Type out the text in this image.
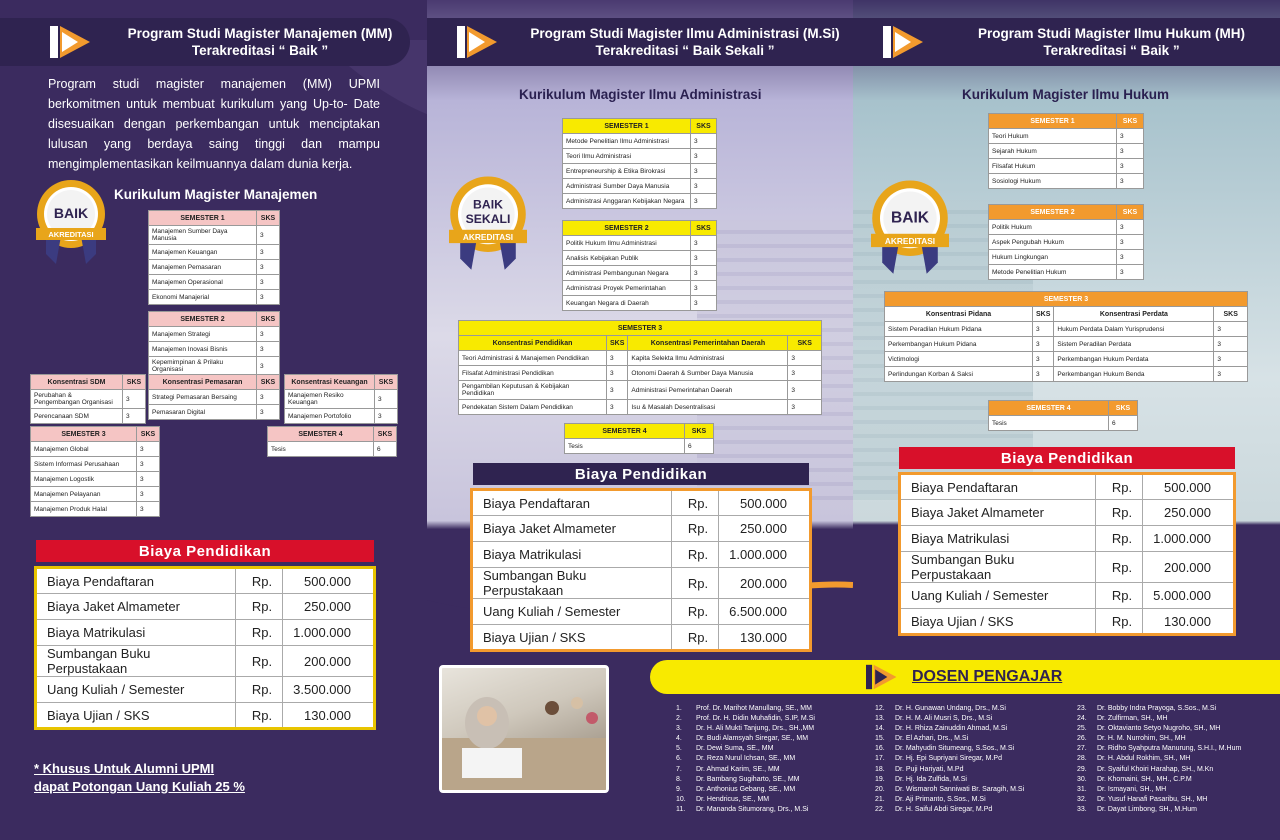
Program Studi Magister Manajemen (MM)
Terakreditasi “ Baik ”

Program studi magister manajemen (MM) UPMI berkomitmen untuk membuat kurikulum yang Up-to- Date disesuaikan dengan perkembangan untuk menciptakan lulusan yang berdaya saing tinggi dan mampu mengimplementasikan keilmuannya dalam dunia kerja.

BAIK
AKREDITASI
Kurikulum Magister Manajemen
SEMESTER 1	SKS
Manajemen Sumber Daya Manusia	3
Manajemen Keuangan	3
Manajemen Pemasaran	3
Manajemen Operasional	3
Ekonomi Manajerial	3
SEMESTER 2	SKS
Manajemen Strategi	3
Manajemen Inovasi Bisnis	3
Kepemimpinan & Prilaku Organisasi	3
Konsentrasi SDM	SKS
Perubahan & Pengembangan Organisasi	3
Perencanaan SDM	3
Konsentrasi Pemasaran	SKS
Strategi Pemasaran Bersaing	3
Pemasaran Digital	3
Konsentrasi Keuangan	SKS
Manajemen Resiko Keuangan	3
Manajemen Portofolio	3
SEMESTER 3	SKS
Manajemen Global	3
Sistem Informasi Perusahaan	3
Manajemen Logostik	3
Manajemen Pelayanan	3
Manajemen Produk Halal	3
SEMESTER 4	SKS
Tesis	6
Biaya Pendidikan
Biaya Pendaftaran	Rp.	500.000
Biaya Jaket Almameter	Rp.	250.000
Biaya Matrikulasi	Rp.	1.000.000
Sumbangan Buku Perpustakaan	Rp.	200.000
Uang Kuliah / Semester	Rp.	3.500.000
Biaya Ujian / SKS	Rp.	130.000
* Khusus Untuk Alumni UPMI
dapat Potongan Uang Kuliah 25 %
Program Studi Magister Ilmu Administrasi (M.Si)
Terakreditasi “ Baik Sekali ”
Kurikulum Magister Ilmu Administrasi
BAIK
SEKALI
AKREDITASI
SEMESTER 1	SKS
Metode Penelitian Ilmu Administrasi	3
Teori Ilmu Administrasi	3
Entrepreneurship & Etika Birokrasi	3
Administrasi Sumber Daya Manusia	3
Administrasi Anggaran Kebijakan Negara	3
SEMESTER 2	SKS
Politik Hukum Ilmu Administrasi	3
Analisis Kebijakan Publik	3
Administrasi Pembangunan Negara	3
Administrasi Proyek Pemerintahan	3
Keuangan Negara di Daerah	3
SEMESTER 3			
Konsentrasi Pendidikan	SKS	Konsentrasi Pemerintahan Daerah	SKS
Teori Administrasi & Manajemen Pendidikan	3	Kapita Selekta Ilmu Administrasi	3
Filsafat Administrasi Pendidikan	3	Otonomi Daerah & Sumber Daya Manusia	3
Pengambilan Keputusan & Kebijakan Pendidikan	3	Administrasi Pemerintahan Daerah	3
Pendekatan Sistem Dalam Pendidikan	3	Isu & Masalah Desentralisasi	3
SEMESTER 4	SKS
Tesis	6
Biaya Pendidikan
Biaya Pendaftaran	Rp.	500.000
Biaya Jaket Almameter	Rp.	250.000
Biaya Matrikulasi	Rp.	1.000.000
Sumbangan Buku Perpustakaan	Rp.	200.000
Uang Kuliah / Semester	Rp.	6.500.000
Biaya Ujian / SKS	Rp.	130.000
Program Studi Magister Ilmu Hukum (MH)
Terakreditasi “ Baik ”
Kurikulum Magister Ilmu Hukum
BAIK
AKREDITASI
SEMESTER 1	SKS
Teori Hukum	3
Sejarah Hukum	3
Filsafat Hukum	3
Sosiologi Hukum	3
SEMESTER 2	SKS
Politik Hukum	3
Aspek Pengubah Hukum	3
Hukum Lingkungan	3
Metode Penelitian Hukum	3
SEMESTER 3			
Konsentrasi Pidana	SKS	Konsentrasi Perdata	SKS
Sistem Peradilan Hukum Pidana	3	Hukum Perdata Dalam Yurisprudensi	3
Perkembangan Hukum Pidana	3	Sistem Peradilan Perdata	3
Victimologi	3	Perkembangan Hukum Perdata	3
Perlindungan Korban & Saksi	3	Perkembangan Hukum Benda	3
SEMESTER 4	SKS
Tesis	6
Biaya Pendidikan
Biaya Pendaftaran	Rp.	500.000
Biaya Jaket Almameter	Rp.	250.000
Biaya Matrikulasi	Rp.	1.000.000
Sumbangan Buku Perpustakaan	Rp.	200.000
Uang Kuliah / Semester	Rp.	5.000.000
Biaya Ujian / SKS	Rp.	130.000
DOSEN PENGAJAR
1.	Prof. Dr. Marihot Manullang, SE., MM
2.	Prof. Dr. H. Didin Muhafidin, S.IP, M.Si
3.	Dr. H. Ali Mukti Tanjung, Drs., SH.,MM
4.	Dr. Budi Alamsyah Siregar, SE., MM
5.	Dr. Dewi Suma, SE., MM
6.	Dr. Reza Nurul Ichsan, SE., MM
7.	Dr. Ahmad Karim, SE., MM
8.	Dr. Bambang Sugiharto, SE., MM
9.	Dr. Anthonius Gebang, SE., MM
10.	Dr. Hendricus, SE., MM
11.	Dr. Mananda Situmorang, Drs., M.Si
12.	Dr. H. Gunawan Undang, Drs., M.Si
13.	Dr. H. M. Ali Musri S, Drs., M.Si
14.	Dr. H. Rhiza Zainuddin Ahmad, M.Si
15.	Dr. El Azhari, Drs., M.Si
16.	Dr. Mahyudin Situmeang, S.Sos., M.Si
17.	Dr. Hj. Epi Supriyani Siregar, M.Pd
18.	Dr. Puji Hariyati, M.Pd
19.	Dr. Hj. Ida Zulfida, M.Si
20.	Dr. Wismaroh Sanniwati Br. Saragih, M.Si
21.	Dr. Aji Primanto, S.Sos., M.Si
22.	Dr. H. Saiful Abdi Siregar, M.Pd
23.	Dr. Bobby Indra Prayoga, S.Sos., M.Si
24.	Dr. Zulfirman, SH., MH
25.	Dr. Oktavianto Setyo Nugroho, SH., MH
26.	Dr. H. M. Nurrohim, SH., MH
27.	Dr. Ridho Syahputra Manurung, S.H.I., M.Hum
28.	Dr. H. Abdul Rokhim, SH., MH
29.	Dr. Syaiful Khoiri Harahap, SH., M.Kn
30.	Dr. Khomaini, SH., MH., C.P.M
31.	Dr. Ismayani, SH., MH
32.	Dr. Yusuf Hanafi Pasaribu, SH., MH
33.	Dr. Dayat Limbong, SH., M.Hum
